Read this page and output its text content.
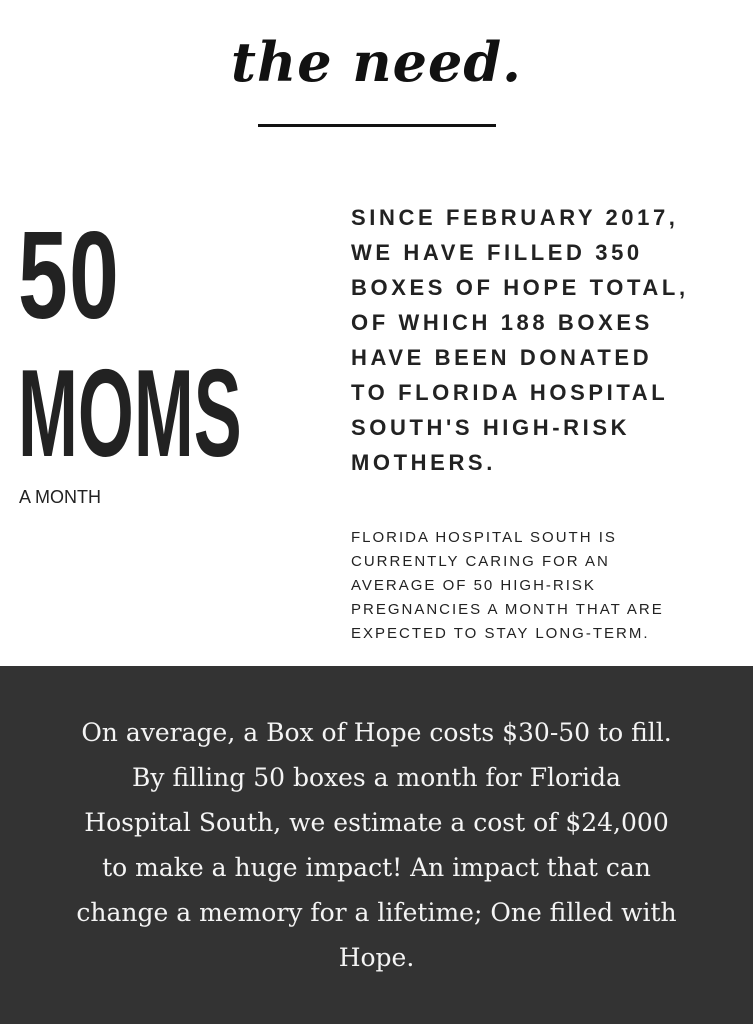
the need.
50
MOMS
A MONTH
SINCE FEBRUARY 2017,
WE HAVE FILLED 350
BOXES OF HOPE TOTAL,
OF WHICH 188 BOXES
HAVE BEEN DONATED
TO FLORIDA HOSPITAL
SOUTH'S HIGH-RISK
MOTHERS.
FLORIDA HOSPITAL SOUTH IS
CURRENTLY CARING FOR AN
AVERAGE OF 50 HIGH-RISK
PREGNANCIES A MONTH THAT ARE
EXPECTED TO STAY LONG-TERM.
On average, a Box of Hope costs $30-50 to fill.
By filling 50 boxes a month for Florida
Hospital South, we estimate a cost of $24,000
to make a huge impact! An impact that can
change a memory for a lifetime; One filled with
Hope.
